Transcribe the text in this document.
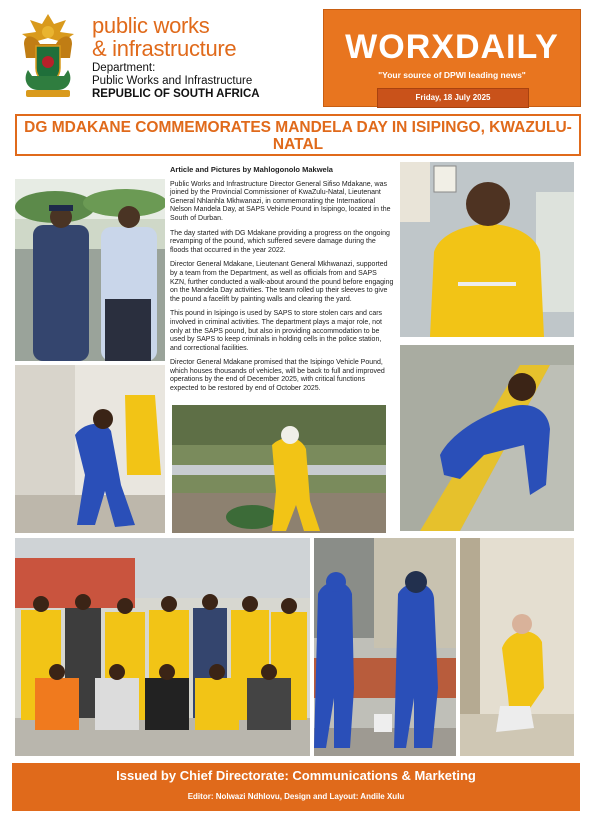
public works
& infrastructure
Department:
Public Works and Infrastructure
REPUBLIC OF SOUTH AFRICA
WORXDAILY
"Your source of DPWI leading news"
Friday, 18 July 2025
DG MDAKANE COMMEMORATES MANDELA DAY IN ISIPINGO, KWAZULU-NATAL
Article and Pictures by Mahlogonolo Makwela

Public Works and Infrastructure Director General Sifiso Mdakane, was joined by the Provincial Commissioner of KwaZulu-Natal, Lieutenant General Nhlanhla Mkhwanazi, in commemorating the International Nelson Mandela Day, at SAPS Vehicle Pound in Isipingo, located in the South of Durban.

The day started with DG Mdakane providing a progress on the ongoing revamping of the pound, which suffered severe damage during the floods that occurred in the year 2022.

Director General Mdakane, Lieutenant General Mkhwanazi, supported by a team from the Department, as well as officials from and SAPS KZN, further conducted a walk-about around the pound before engaging on the Mandela Day activities. The team rolled up their sleeves to give the pound a facelift by painting walls and clearing the yard.

This pound in Isipingo is used by SAPS to store stolen cars and cars involved in criminal activities. The department plays a major role, not only at the SAPS pound, but also in providing accommodation to be used by SAPS to keep criminals in holding cells in the police station, and correctional facilities.

Director General Mdakane promised that the Isipingo Vehicle Pound, which houses thousands of vehicles, will be back to full and improved operations by the end of December 2025, with critical functions expected to be restored by end of October 2025.

Issued by Chief Directorate: Communications & Marketing
Editor: Nolwazi Ndhlovu, Design and Layout: Andile Xulu
